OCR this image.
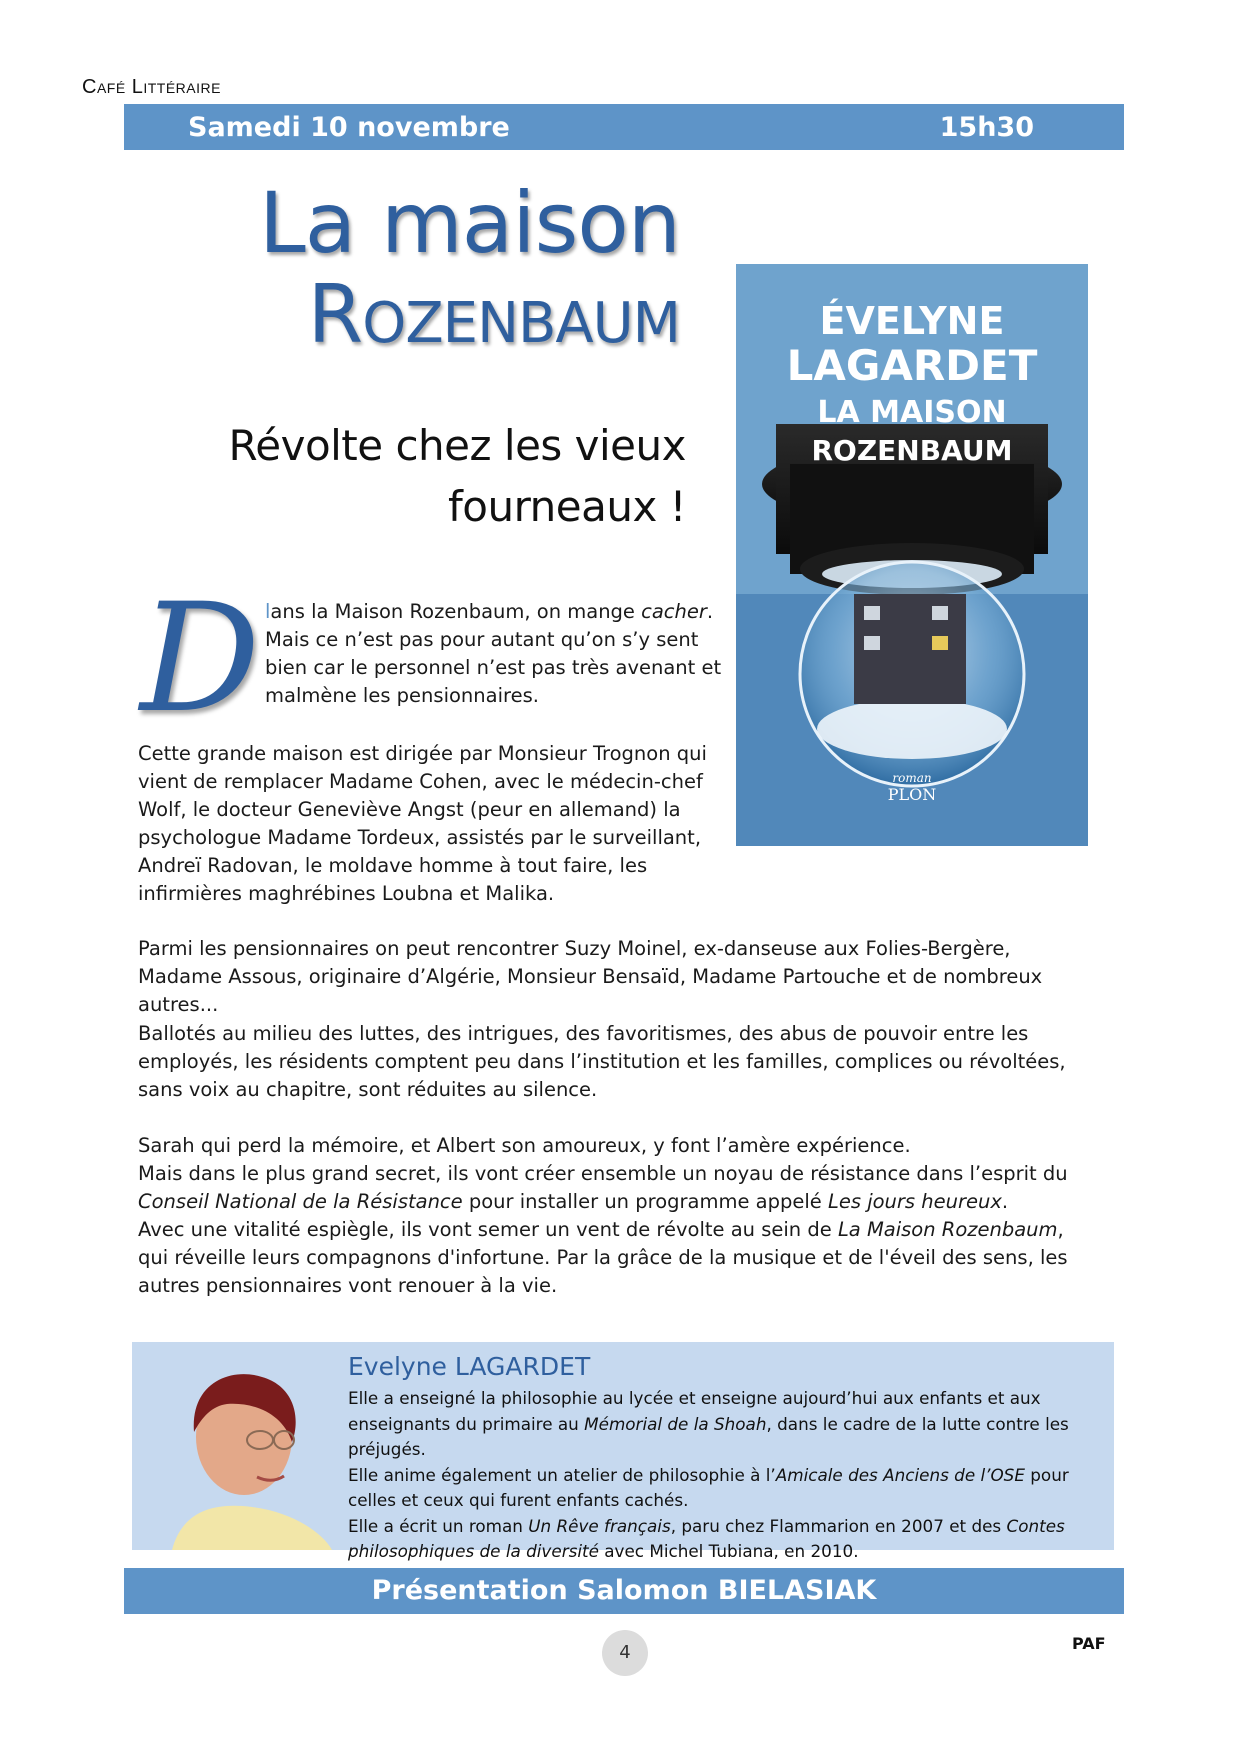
Café Littéraire
Samedi 10 novembre	15h30
La maison
Rozenbaum
Révolte chez les vieux
fourneaux !
ÉVELYNE
LAGARDET
LA MAISON
ROZENBAUM
roman
PLON
D lans la Maison Rozenbaum, on mange cacher. Mais ce n’est pas pour autant qu’on s’y sent bien car le personnel n’est pas très avenant et malmène les pensionnaires.
Cette grande maison est dirigée par Monsieur Trognon qui vient de remplacer Madame Cohen, avec le médecin-chef Wolf, le docteur Geneviève Angst (peur en allemand) la psychologue Madame Tordeux, assistés par le surveillant, Andreï Radovan, le moldave homme à tout faire, les infirmières maghrébines Loubna et Malika.
Parmi les pensionnaires on peut rencontrer Suzy Moinel, ex-danseuse aux Folies-Bergère, Madame Assous, originaire d’Algérie, Monsieur Bensaïd, Madame Partouche et de nombreux autres...
Ballotés au milieu des luttes, des intrigues, des favoritismes, des abus de pouvoir entre les employés, les résidents comptent peu dans l’institution et les familles, complices ou révoltées, sans voix au chapitre, sont réduites au silence.
Sarah qui perd la mémoire, et Albert son amoureux, y font l’amère expérience.
Mais dans le plus grand secret, ils vont créer ensemble un noyau de résistance dans l’esprit du Conseil National de la Résistance pour installer un programme appelé Les jours heureux.
Avec une vitalité espiègle, ils vont semer un vent de révolte au sein de La Maison Rozenbaum, qui réveille leurs compagnons d'infortune. Par la grâce de la musique et de l'éveil des sens, les autres pensionnaires vont renouer à la vie.
Evelyne LAGARDET
Elle a enseigné la philosophie au lycée et enseigne aujourd’hui aux enfants et aux enseignants du primaire au Mémorial de la Shoah, dans le cadre de la lutte contre les préjugés.
Elle anime également un atelier de philosophie à l’Amicale des Anciens de l’OSE pour celles et ceux qui furent enfants cachés.
Elle a écrit un roman Un Rêve français, paru chez Flammarion en 2007 et des Contes philosophiques de la diversité avec Michel Tubiana, en 2010.
Présentation Salomon BIELASIAK
4	PAF
